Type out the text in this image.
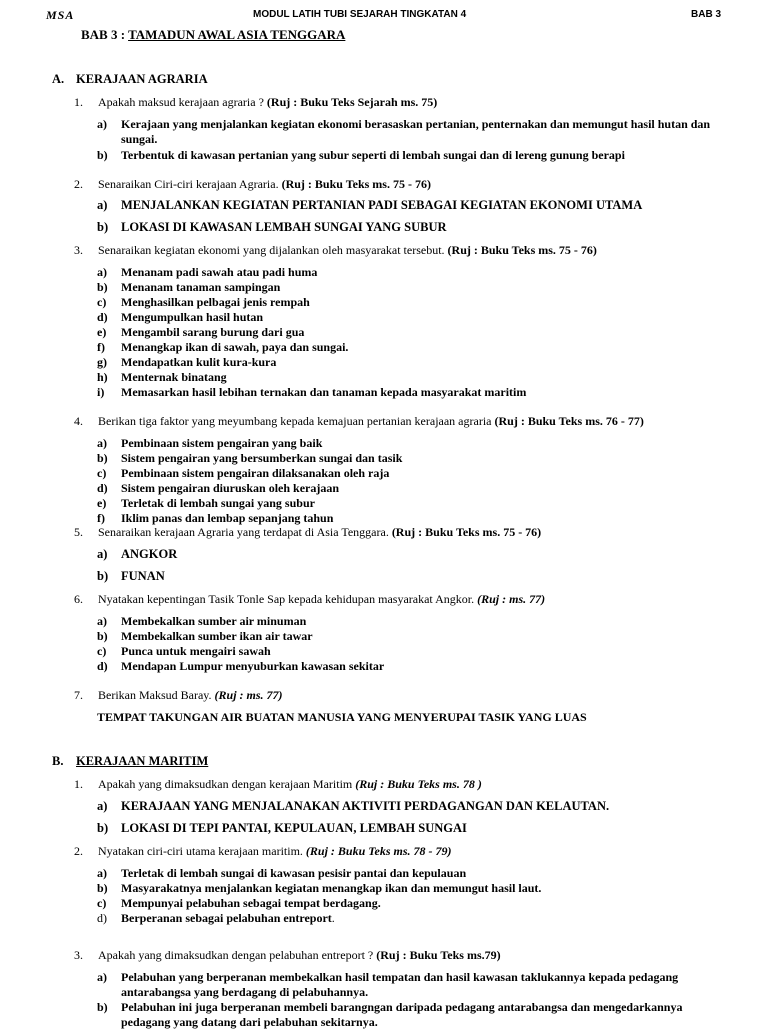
MSA	MODUL LATIH TUBI SEJARAH TINGKATAN 4	BAB 3
BAB 3 : TAMADUN AWAL ASIA TENGGARA
A. KERAJAAN AGRARIA
1. Apakah maksud kerajaan agraria ? (Ruj : Buku Teks Sejarah ms. 75)
a) Kerajaan yang menjalankan kegiatan ekonomi berasaskan pertanian, penternakan dan memungut hasil hutan dan sungai.
b) Terbentuk di kawasan pertanian yang subur seperti di lembah sungai dan di lereng gunung berapi
2. Senaraikan Ciri-ciri kerajaan Agraria. (Ruj : Buku Teks ms. 75 - 76)
a) MENJALANKAN KEGIATAN PERTANIAN PADI SEBAGAI KEGIATAN EKONOMI UTAMA
b) LOKASI DI KAWASAN LEMBAH SUNGAI YANG SUBUR
3. Senaraikan kegiatan ekonomi yang dijalankan oleh masyarakat tersebut. (Ruj : Buku Teks ms. 75 - 76)
a) Menanam padi sawah atau padi huma
b) Menanam tanaman sampingan
c) Menghasilkan pelbagai jenis rempah
d) Mengumpulkan hasil hutan
e) Mengambil sarang burung dari gua
f) Menangkap ikan di sawah, paya dan sungai.
g) Mendapatkan kulit kura-kura
h) Menternak binatang
i) Memasarkan hasil lebihan ternakan dan tanaman kepada masyarakat maritim
4. Berikan tiga faktor yang meyumbang kepada kemajuan pertanian kerajaan agraria (Ruj : Buku Teks ms. 76 - 77)
a) Pembinaan sistem pengairan yang baik
b) Sistem pengairan yang bersumberkan sungai dan tasik
c) Pembinaan sistem pengairan dilaksanakan oleh raja
d) Sistem pengairan diuruskan oleh kerajaan
e) Terletak di lembah sungai yang subur
f) Iklim panas dan lembap sepanjang tahun
5. Senaraikan kerajaan Agraria yang terdapat di Asia Tenggara. (Ruj : Buku Teks ms. 75 - 76)
a) ANGKOR
b) FUNAN
6. Nyatakan kepentingan Tasik Tonle Sap kepada kehidupan masyarakat Angkor. (Ruj : ms. 77)
a) Membekalkan sumber air minuman
b) Membekalkan sumber ikan air tawar
c) Punca untuk mengairi sawah
d) Mendapan Lumpur menyuburkan kawasan sekitar
7. Berikan Maksud Baray. (Ruj : ms. 77)
TEMPAT TAKUNGAN AIR BUATAN MANUSIA YANG MENYERUPAI TASIK YANG LUAS
B. KERAJAAN MARITIM
1. Apakah yang dimaksudkan dengan kerajaan Maritim (Ruj : Buku Teks ms. 78 )
a) KERAJAAN YANG MENJALANAKAN AKTIVITI PERDAGANGAN DAN KELAUTAN.
b) LOKASI DI TEPI PANTAI, KEPULAUAN, LEMBAH SUNGAI
2. Nyatakan ciri-ciri utama kerajaan maritim. (Ruj : Buku Teks ms. 78 - 79)
a) Terletak di lembah sungai di kawasan pesisir pantai dan kepulauan
b) Masyarakatnya menjalankan kegiatan menangkap ikan dan memungut hasil laut.
c) Mempunyai pelabuhan sebagai tempat berdagang.
d) Berperanan sebagai pelabuhan entreport.
3. Apakah yang dimaksudkan dengan pelabuhan entreport ? (Ruj : Buku Teks ms.79)
a) Pelabuhan yang berperanan membekalkan hasil tempatan dan hasil kawasan taklukannya kepada pedagang antarabangsa yang berdagang di pelabuhannya.
b) Pelabuhan ini juga berperanan membeli barangngan daripada pedagang antarabangsa dan mengedarkannya pedagang yang datang dari pelabuhan sekitarnya.
